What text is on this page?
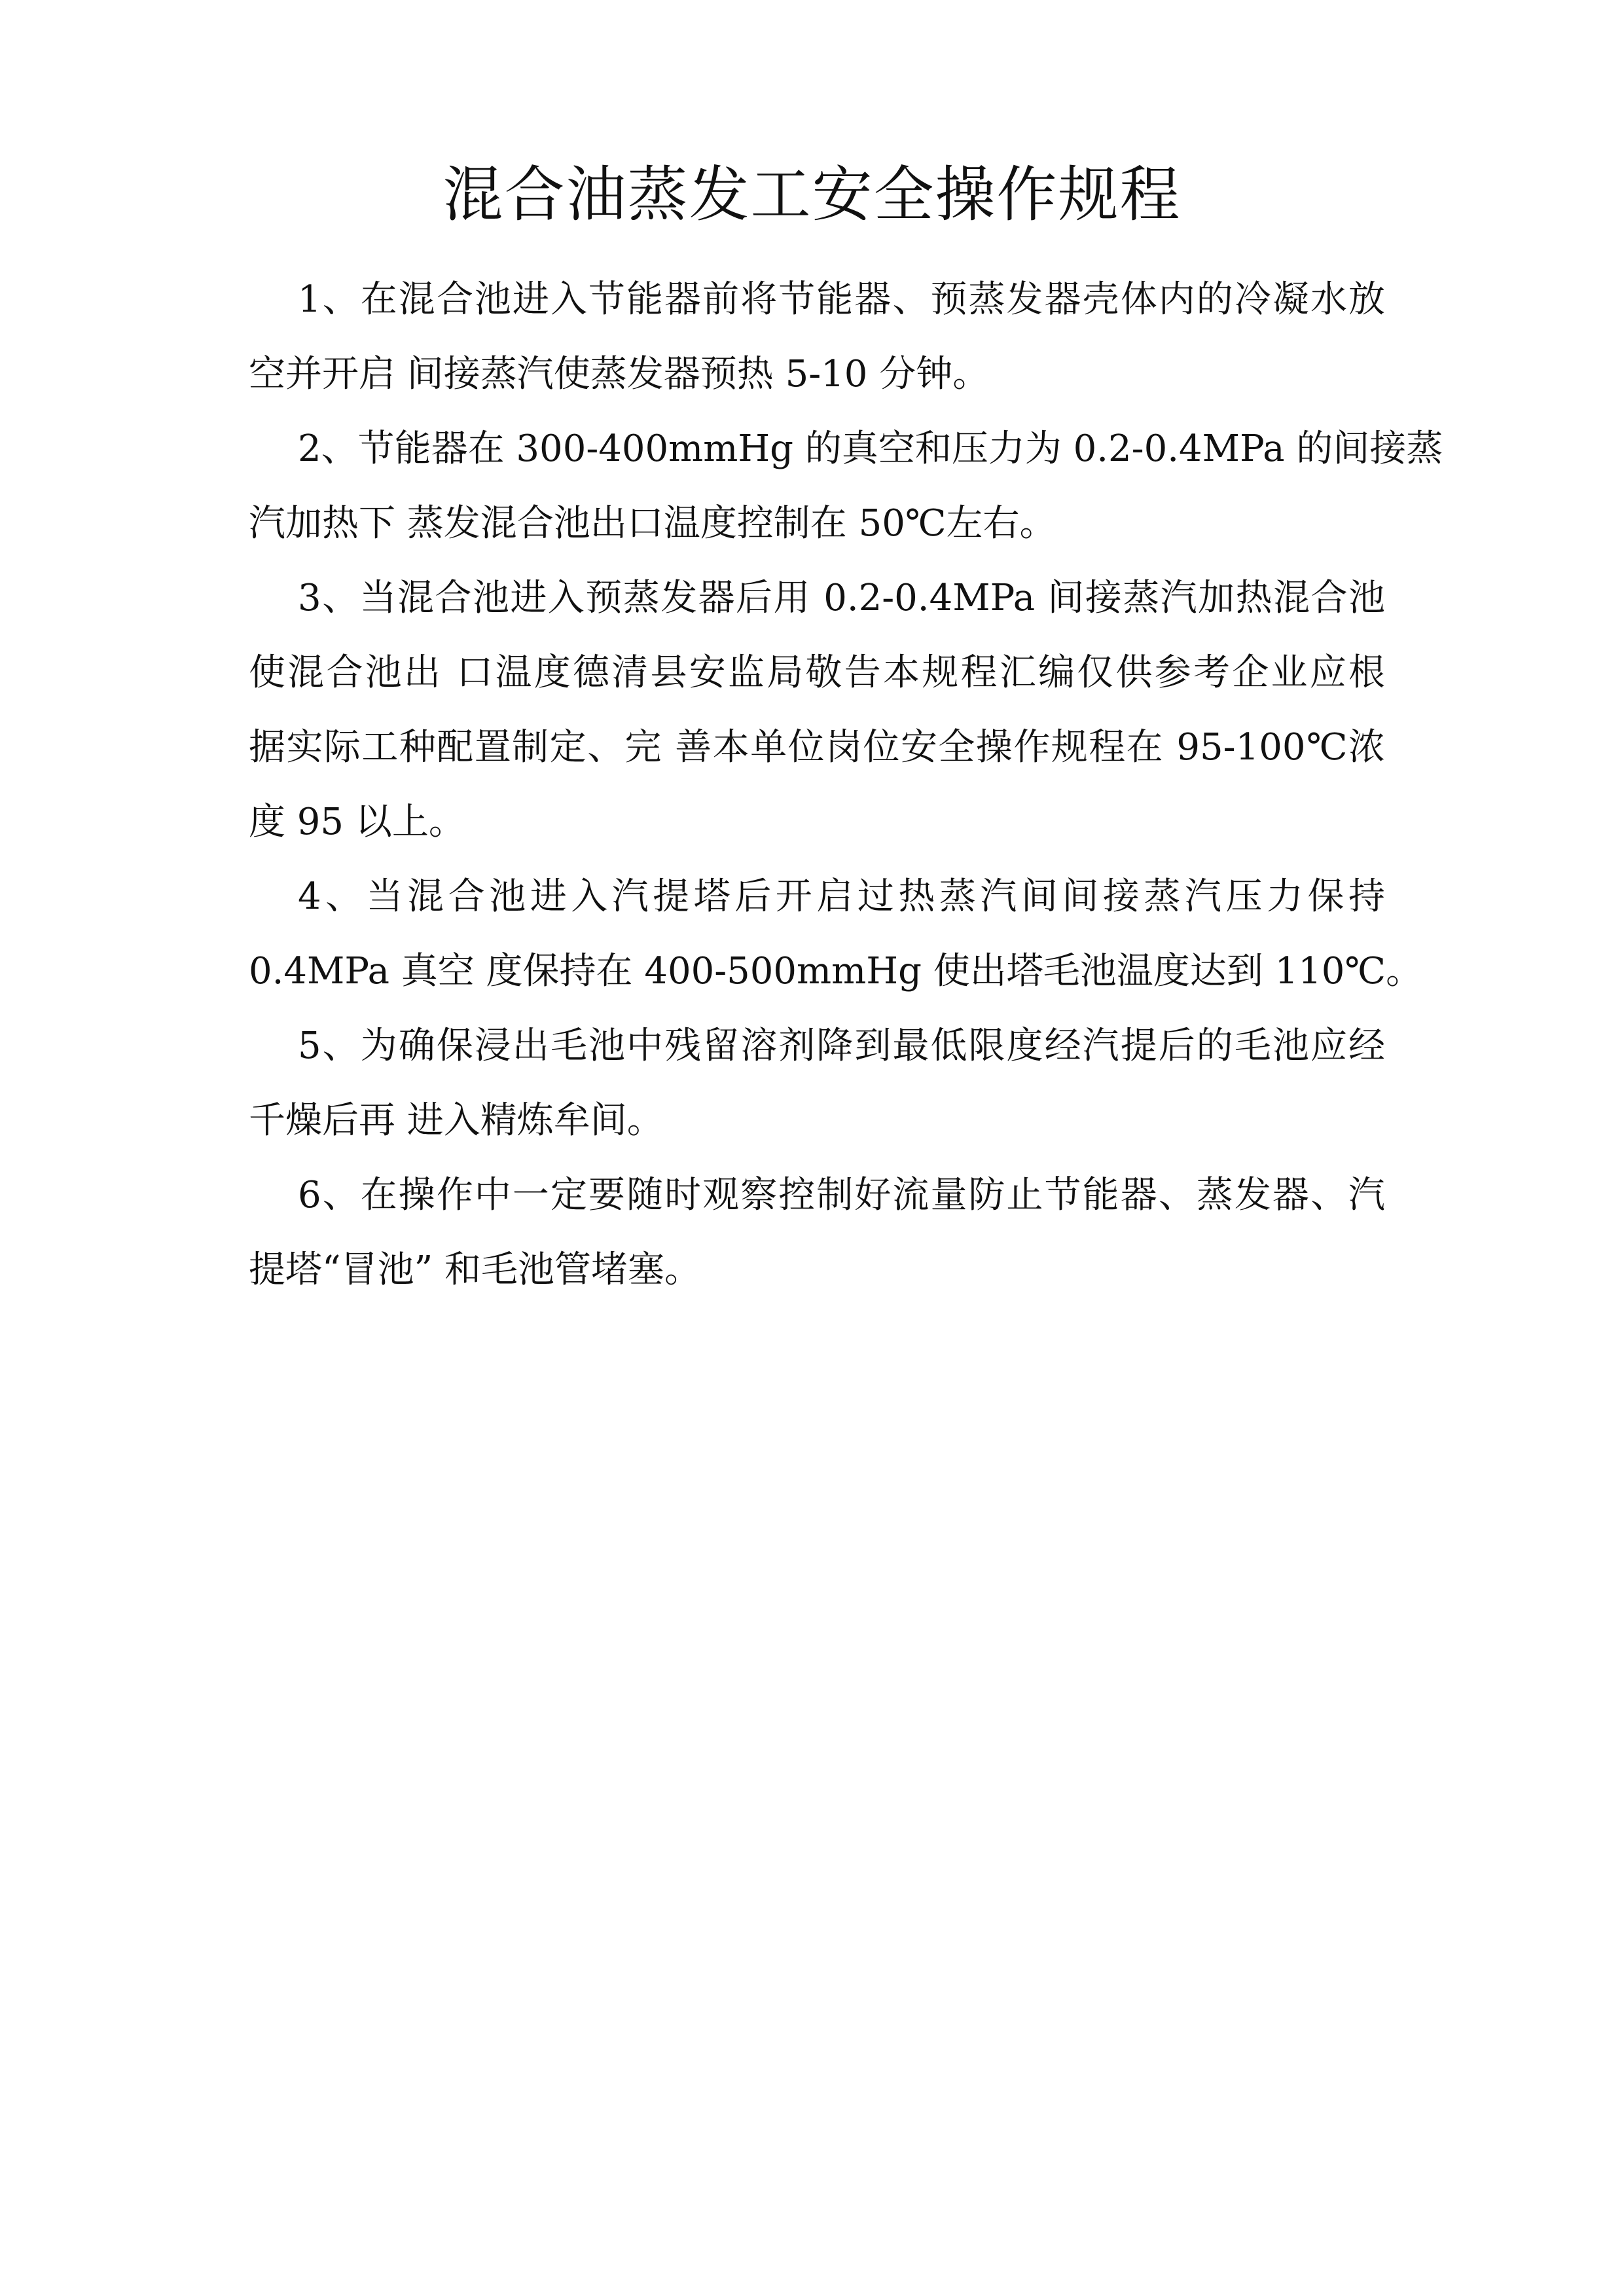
混合油蒸发工安全操作规程

1、在混合池进入节能器前将节能器、预蒸发器壳体内的冷凝水放

空并开启 间接蒸汽使蒸发器预热 5-10 分钟。

2、节能器在 300-400mmHg 的真空和压力为 0.2-0.4MPa 的间接蒸

汽加热下 蒸发混合池出口温度控制在 50℃左右。

3、当混合池进入预蒸发器后用 0.2-0.4MPa 间接蒸汽加热混合池

使混合池出 口温度德清县安监局敬告本规程汇编仅供参考企业应根

据实际工种配置制定、完 善本单位岗位安全操作规程在 95-100℃浓

度 95 以上。

4、当混合池进入汽提塔后开启过热蒸汽间间接蒸汽压力保持

0.4MPa 真空 度保持在 400-500mmHg 使出塔毛池温度达到 110℃。

5、为确保浸出毛池中残留溶剂降到最低限度经汽提后的毛池应经

千燥后再 进入精炼牟间。

6、在操作中一定要随时观察控制好流量防止节能器、蒸发器、汽

提塔“冒池” 和毛池管堵塞。
